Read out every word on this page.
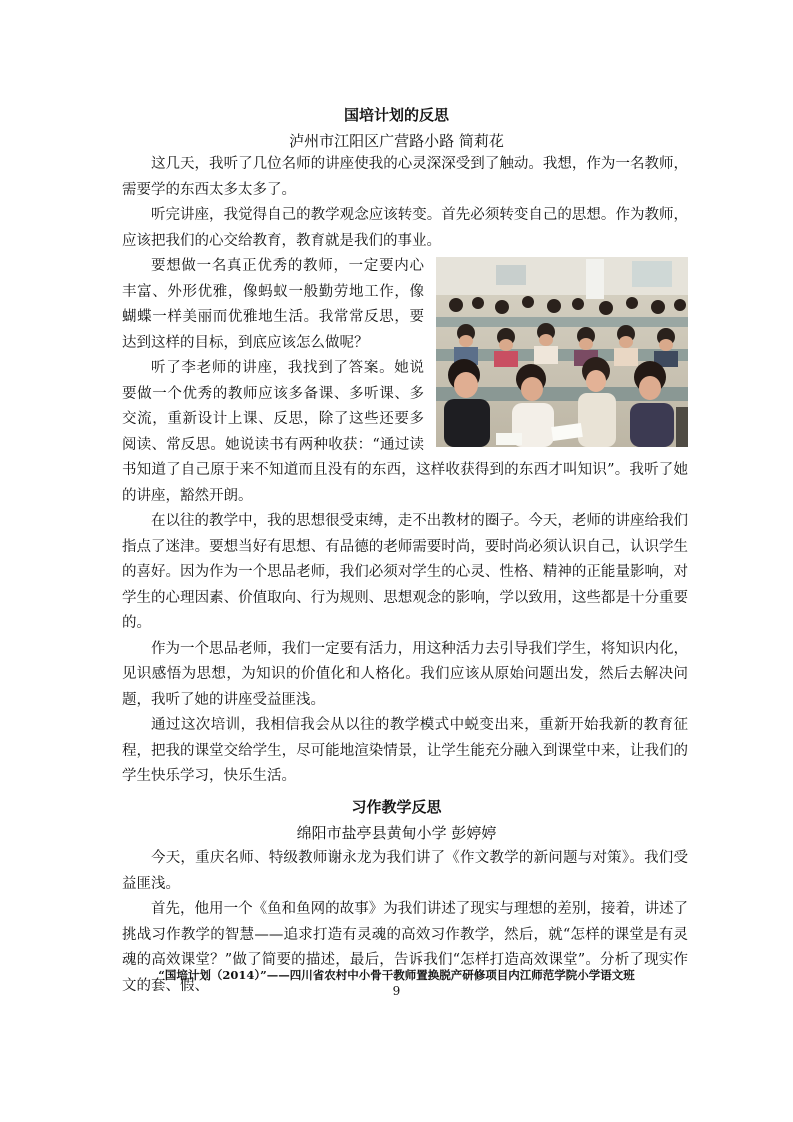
国培计划的反思

泸州市江阳区广营路小路 简莉花

这几天，我听了几位名师的讲座使我的心灵深深受到了触动。我想，作为一名教师，需要学的东西太多太多了。

听完讲座，我觉得自己的教学观念应该转变。首先必须转变自己的思想。作为教师，应该把我们的心交给教育，教育就是我们的事业。

要想做一名真正优秀的教师，一定要内心丰富、外形优雅，像蚂蚁一般勤劳地工作，像蝴蝶一样美丽而优雅地生活。我常常反思，要达到这样的目标，到底应该怎么做呢？

听了李老师的讲座，我找到了答案。她说要做一个优秀的教师应该多备课、多听课、多交流，重新设计上课、反思，除了这些还要多阅读、常反思。她说读书有两种收获：“通过读书知道了自己原于来不知道而且没有的东西，这样收获得到的东西才叫知识”。我听了她的讲座，豁然开朗。

在以往的教学中，我的思想很受束缚，走不出教材的圈子。今天，老师的讲座给我们指点了迷津。要想当好有思想、有品德的老师需要时尚，要时尚必须认识自己，认识学生的喜好。因为作为一个思品老师，我们必须对学生的心灵、性格、精神的正能量影响，对学生的心理因素、价值取向、行为规则、思想观念的影响，学以致用，这些都是十分重要的。

作为一个思品老师，我们一定要有活力，用这种活力去引导我们学生，将知识内化，见识感悟为思想，为知识的价值化和人格化。我们应该从原始问题出发，然后去解决问题，我听了她的讲座受益匪浅。

通过这次培训，我相信我会从以往的教学模式中蜕变出来，重新开始我新的教育征程，把我的课堂交给学生，尽可能地渲染情景，让学生能充分融入到课堂中来，让我们的学生快乐学习，快乐生活。

习作教学反思

绵阳市盐亭县黄甸小学 彭婷婷

今天，重庆名师、特级教师谢永龙为我们讲了《作文教学的新问题与对策》。我们受益匪浅。

首先，他用一个《鱼和鱼网的故事》为我们讲述了现实与理想的差别，接着，讲述了挑战习作教学的智慧——追求打造有灵魂的高效习作教学，然后，就“怎样的课堂是有灵魂的高效课堂？”做了简要的描述，最后，告诉我们“怎样打造高效课堂”。分析了现实作文的套、假、

“国培计划（2014）”——四川省农村中小骨干教师置换脱产研修项目内江师范学院小学语文班

9
